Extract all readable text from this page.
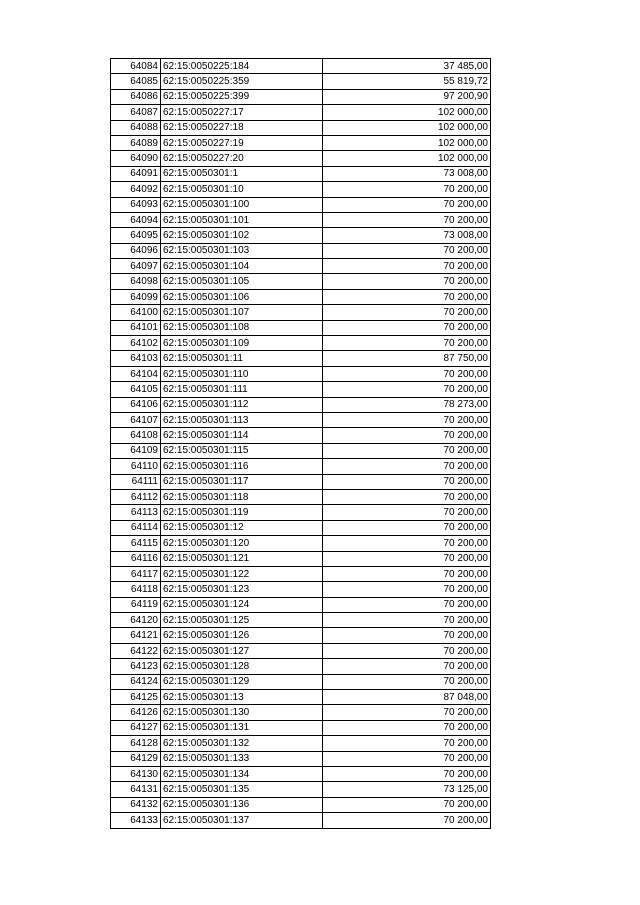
64084	62:15:0050225:184	37 485,00
64085	62:15:0050225:359	55 819,72
64086	62:15:0050225:399	97 200,90
64087	62:15:0050227:17	102 000,00
64088	62:15:0050227:18	102 000,00
64089	62:15:0050227:19	102 000,00
64090	62:15:0050227:20	102 000,00
64091	62:15:0050301:1	73 008,00
64092	62:15:0050301:10	70 200,00
64093	62:15:0050301:100	70 200,00
64094	62:15:0050301:101	70 200,00
64095	62:15:0050301:102	73 008,00
64096	62:15:0050301:103	70 200,00
64097	62:15:0050301:104	70 200,00
64098	62:15:0050301:105	70 200,00
64099	62:15:0050301:106	70 200,00
64100	62:15:0050301:107	70 200,00
64101	62:15:0050301:108	70 200,00
64102	62:15:0050301:109	70 200,00
64103	62:15:0050301:11	87 750,00
64104	62:15:0050301:110	70 200,00
64105	62:15:0050301:111	70 200,00
64106	62:15:0050301:112	78 273,00
64107	62:15:0050301:113	70 200,00
64108	62:15:0050301:114	70 200,00
64109	62:15:0050301:115	70 200,00
64110	62:15:0050301:116	70 200,00
64111	62:15:0050301:117	70 200,00
64112	62:15:0050301:118	70 200,00
64113	62:15:0050301:119	70 200,00
64114	62:15:0050301:12	70 200,00
64115	62:15:0050301:120	70 200,00
64116	62:15:0050301:121	70 200,00
64117	62:15:0050301:122	70 200,00
64118	62:15:0050301:123	70 200,00
64119	62:15:0050301:124	70 200,00
64120	62:15:0050301:125	70 200,00
64121	62:15:0050301:126	70 200,00
64122	62:15:0050301:127	70 200,00
64123	62:15:0050301:128	70 200,00
64124	62:15:0050301:129	70 200,00
64125	62:15:0050301:13	87 048,00
64126	62:15:0050301:130	70 200,00
64127	62:15:0050301:131	70 200,00
64128	62:15:0050301:132	70 200,00
64129	62:15:0050301:133	70 200,00
64130	62:15:0050301:134	70 200,00
64131	62:15:0050301:135	73 125,00
64132	62:15:0050301:136	70 200,00
64133	62:15:0050301:137	70 200,00
